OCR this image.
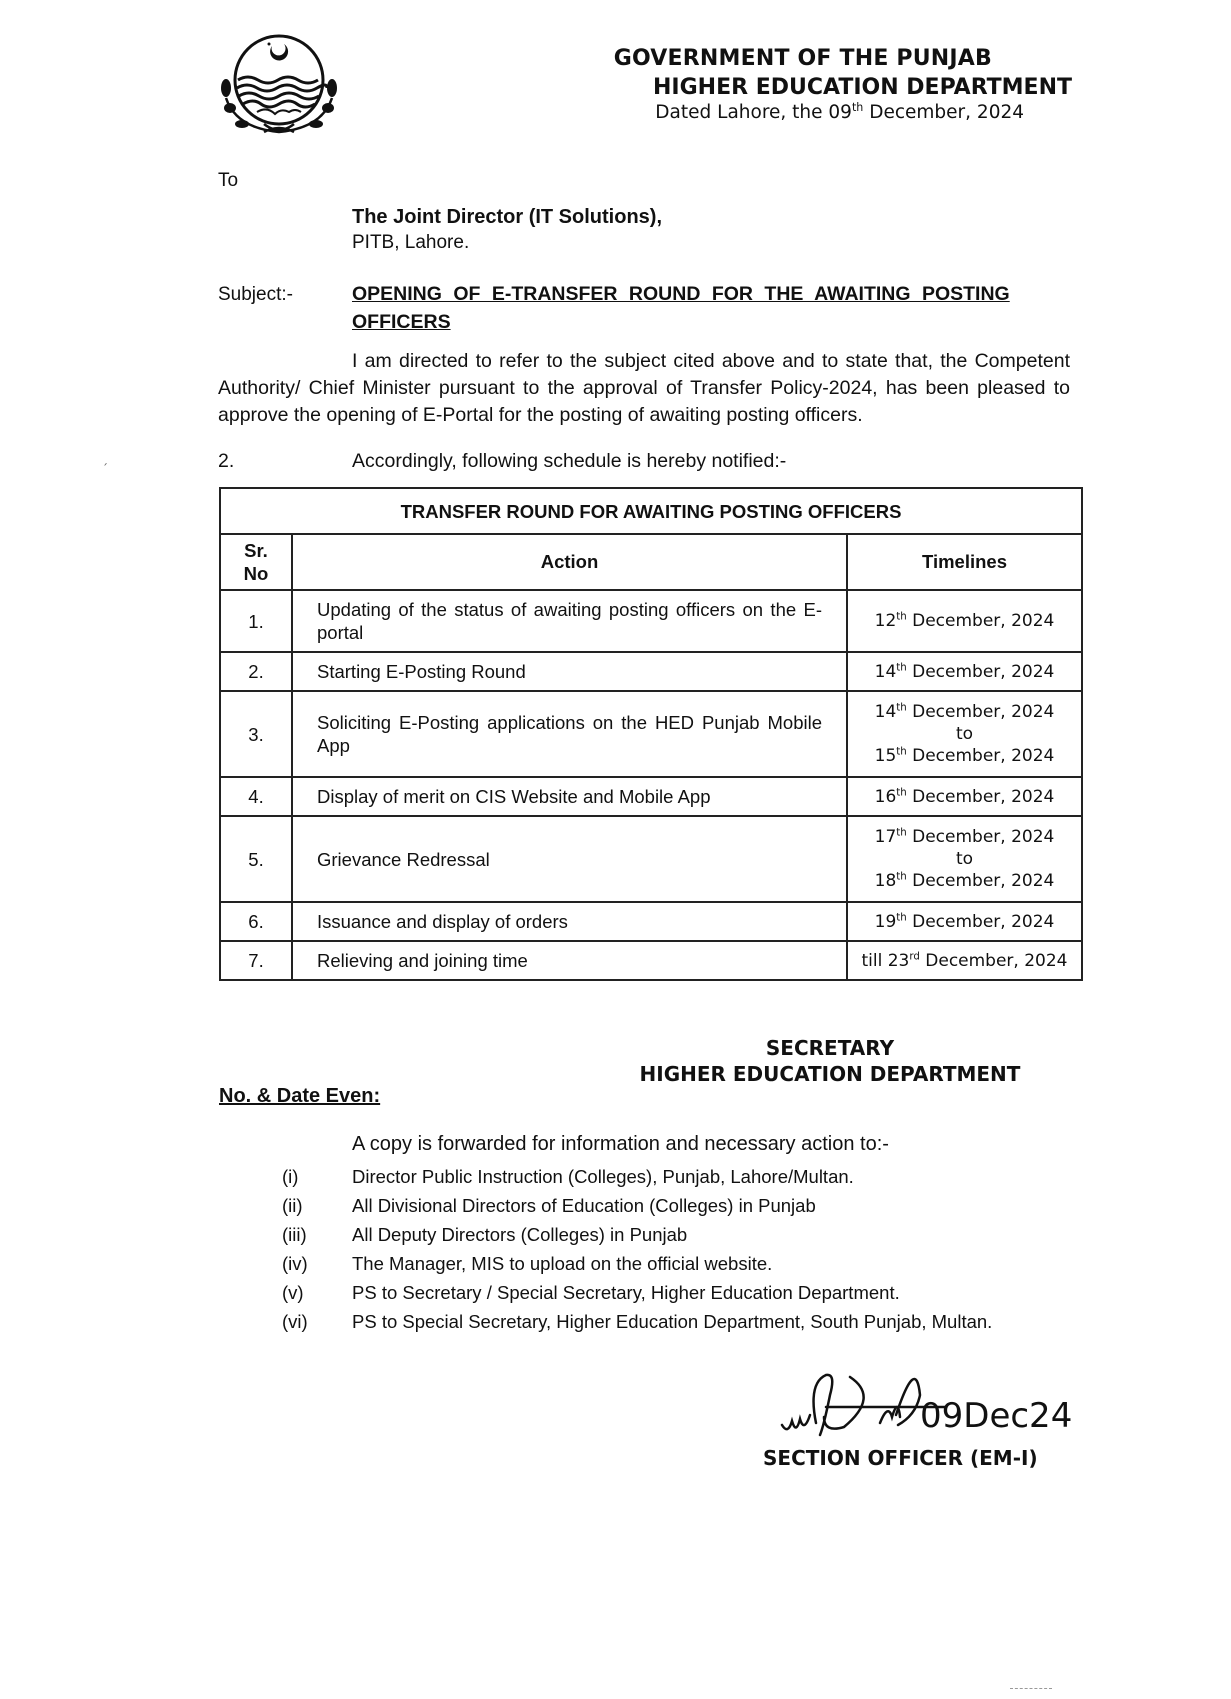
GOVERNMENT OF THE PUNJAB
HIGHER EDUCATION DEPARTMENT
Dated Lahore, the 09th December, 2024
To
The Joint Director (IT Solutions),
PITB, Lahore.
Subject:-	OPENING OF E-TRANSFER ROUND FOR THE AWAITING POSTING OFFICERS
I am directed to refer to the subject cited above and to state that, the Competent Authority/ Chief Minister pursuant to the approval of Transfer Policy-2024, has been pleased to approve the opening of E-Portal for the posting of awaiting posting officers.
ˊ	2.	Accordingly, following schedule is hereby notified:-
TRANSFER ROUND FOR AWAITING POSTING OFFICERS		
Sr. No	Action	Timelines
1.	Updating of the status of awaiting posting officers on the E-portal	12th December, 2024

2.	Starting E-Posting Round	14th December, 2024

3.	Soliciting E-Posting applications on the HED Punjab Mobile App	14th December, 2024
to
15th December, 2024

4.	Display of merit on CIS Website and Mobile App	16th December, 2024

5.	Grievance Redressal	17th December, 2024
to
18th December, 2024

6.	Issuance and display of orders	19th December, 2024

7.	Relieving and joining time	till 23rd December, 2024
SECRETARY
HIGHER EDUCATION DEPARTMENT
No. & Date Even:
A copy is forwarded for information and necessary action to:-
(i)	Director Public Instruction (Colleges), Punjab, Lahore/Multan.
(ii)	All Divisional Directors of Education (Colleges) in Punjab
(iii) All Deputy Directors (Colleges) in Punjab
(iv) The Manager, MIS to upload on the official website.
(v)	PS to Secretary / Special Secretary, Higher Education Department.
(vi) PS to Special Secretary, Higher Education Department, South Punjab, Multan.
09Dec24
SECTION OFFICER (EM-I)
